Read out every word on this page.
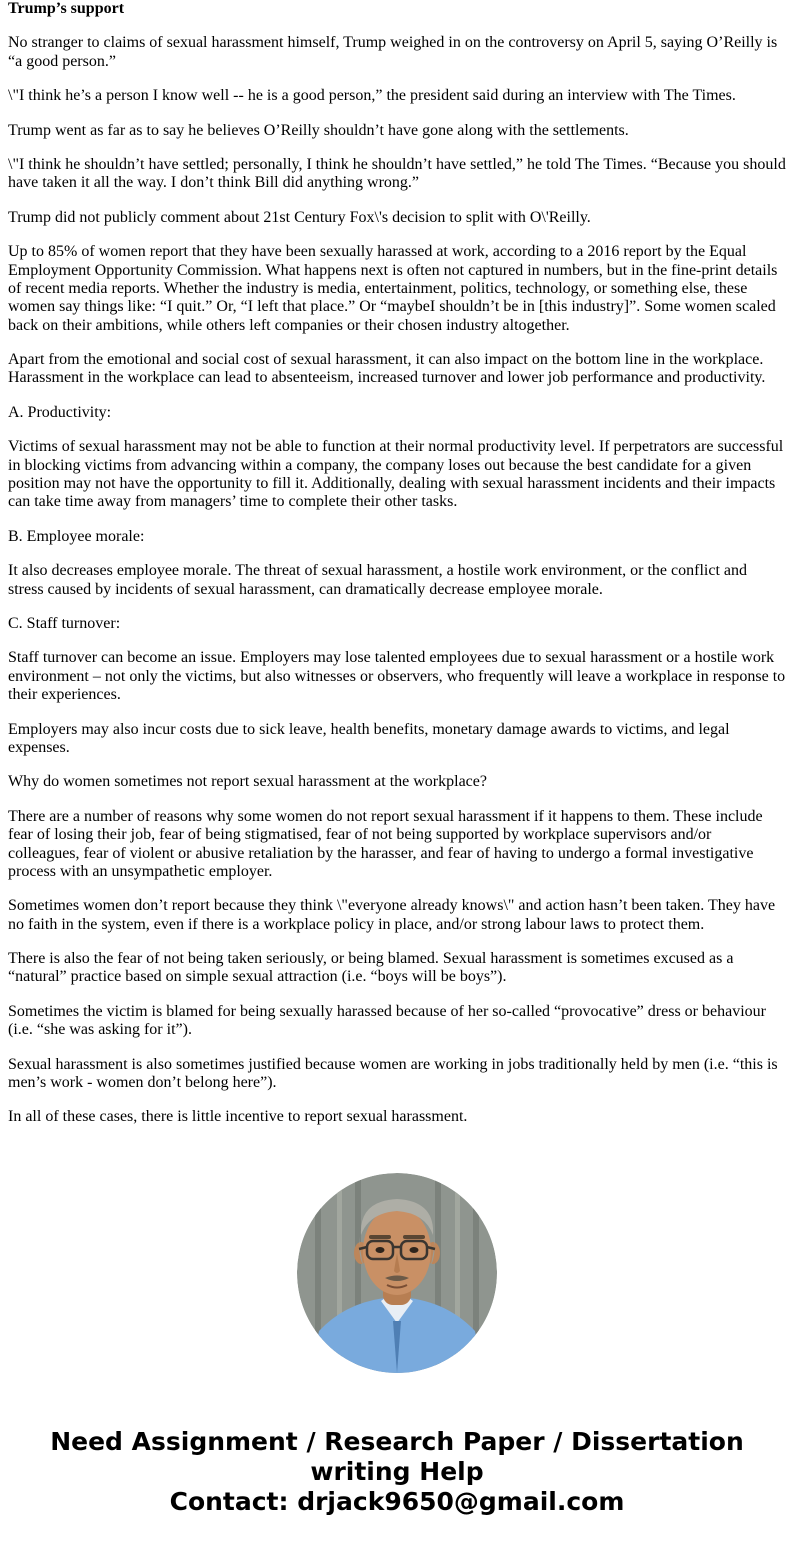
Trump’s support

No stranger to claims of sexual harassment himself, Trump weighed in on the controversy on April 5, saying O’Reilly is “a good person.”

\"I think he’s a person I know well -- he is a good person,” the president said during an interview with The Times.

Trump went as far as to say he believes O’Reilly shouldn’t have gone along with the settlements.

\"I think he shouldn’t have settled; personally, I think he shouldn’t have settled,” he told The Times. “Because you should have taken it all the way. I don’t think Bill did anything wrong.”

Trump did not publicly comment about 21st Century Fox\'s decision to split with O\'Reilly.

Up to 85% of women report that they have been sexually harassed at work, according to a 2016 report by the Equal Employment Opportunity Commission. What happens next is often not captured in numbers, but in the fine-print details of recent media reports. Whether the industry is media, entertainment, politics, technology, or something else, these women say things like: “I quit.” Or, “I left that place.” Or “maybeI shouldn’t be in [this industry]”. Some women scaled back on their ambitions, while others left companies or their chosen industry altogether.

Apart from the emotional and social cost of sexual harassment, it can also impact on the bottom line in the workplace. Harassment in the workplace can lead to absenteeism, increased turnover and lower job performance and productivity.

A. Productivity:

Victims of sexual harassment may not be able to function at their normal productivity level. If perpetrators are successful in blocking victims from advancing within a company, the company loses out because the best candidate for a given position may not have the opportunity to fill it. Additionally, dealing with sexual harassment incidents and their impacts can take time away from managers’ time to complete their other tasks.

B. Employee morale:

It also decreases employee morale. The threat of sexual harassment, a hostile work environment, or the conflict and stress caused by incidents of sexual harassment, can dramatically decrease employee morale.

C. Staff turnover:

Staff turnover can become an issue. Employers may lose talented employees due to sexual harassment or a hostile work environment – not only the victims, but also witnesses or observers, who frequently will leave a workplace in response to their experiences.

Employers may also incur costs due to sick leave, health benefits, monetary damage awards to victims, and legal expenses.

Why do women sometimes not report sexual harassment at the workplace?

There are a number of reasons why some women do not report sexual harassment if it happens to them. These include fear of losing their job, fear of being stigmatised, fear of not being supported by workplace supervisors and/or colleagues, fear of violent or abusive retaliation by the harasser, and fear of having to undergo a formal investigative process with an unsympathetic employer.

Sometimes women don’t report because they think \"everyone already knows\" and action hasn’t been taken. They have no faith in the system, even if there is a workplace policy in place, and/or strong labour laws to protect them.

There is also the fear of not being taken seriously, or being blamed. Sexual harassment is sometimes excused as a “natural” practice based on simple sexual attraction (i.e. “boys will be boys”).

Sometimes the victim is blamed for being sexually harassed because of her so-called “provocative” dress or behaviour (i.e. “she was asking for it”).

Sexual harassment is also sometimes justified because women are working in jobs traditionally held by men (i.e. “this is men’s work - women don’t belong here”).

In all of these cases, there is little incentive to report sexual harassment.

Need Assignment / Research Paper / Dissertation writing Help
Contact: drjack9650@gmail.com
